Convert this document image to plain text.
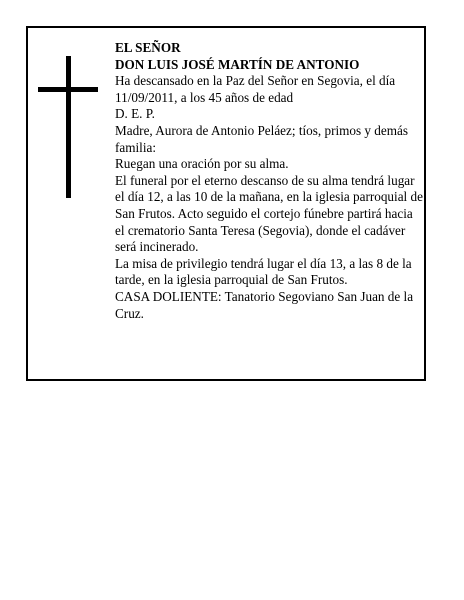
EL SEÑOR

DON LUIS JOSÉ MARTÍN DE ANTONIO

Ha descansado en la Paz del Señor en Segovia, el día 11/09/2011, a los 45 años de edad

D. E. P.

Madre, Aurora de Antonio Peláez; tíos, primos y demás familia:

Ruegan una oración por su alma.

El funeral por el eterno descanso de su alma tendrá lugar el día 12, a las 10 de la mañana, en la iglesia parroquial de San Frutos. Acto seguido el cortejo fúnebre partirá hacia el crematorio Santa Teresa (Segovia), donde el cadáver será incinerado.

La misa de privilegio tendrá lugar el día 13, a las 8 de la tarde, en la iglesia parroquial de San Frutos.

CASA DOLIENTE: Tanatorio Segoviano San Juan de la Cruz.
